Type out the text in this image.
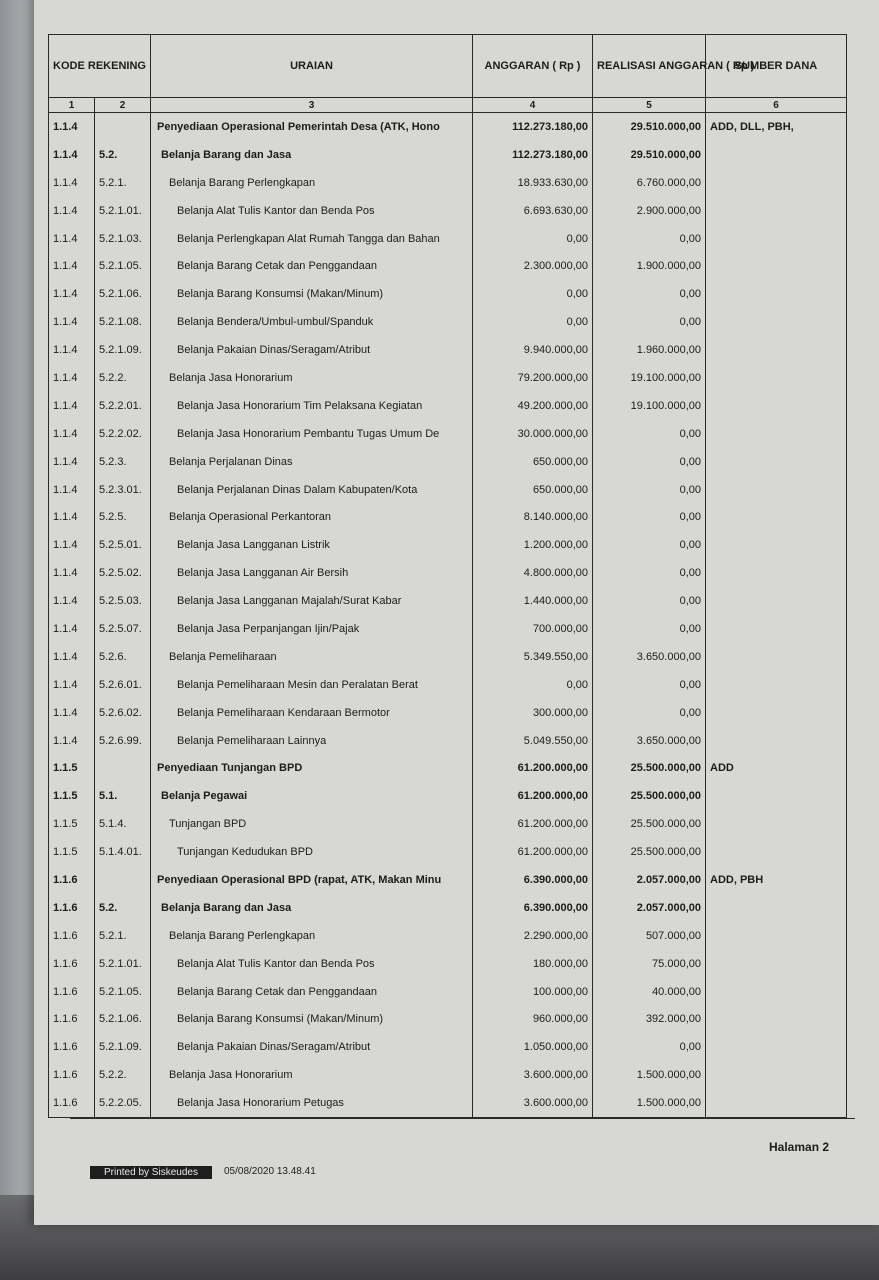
KODE REKENING		URAIAN	ANGGARAN ( Rp )	REALISASI ANGGARAN ( Rp )	SUMBER DANA
1	2	3	4	5	6
1.1.4		Penyediaan Operasional Pemerintah Desa (ATK, Hono	112.273.180,00	29.510.000,00	ADD, DLL, PBH,
1.1.4	5.2.	Belanja Barang dan Jasa	112.273.180,00	29.510.000,00	
1.1.4	5.2.1.	Belanja Barang Perlengkapan	18.933.630,00	6.760.000,00	
1.1.4	5.2.1.01.	Belanja Alat Tulis Kantor dan Benda Pos	6.693.630,00	2.900.000,00	
1.1.4	5.2.1.03.	Belanja Perlengkapan Alat Rumah Tangga dan Bahan	0,00	0,00	
1.1.4	5.2.1.05.	Belanja Barang Cetak dan Penggandaan	2.300.000,00	1.900.000,00	
1.1.4	5.2.1.06.	Belanja Barang Konsumsi (Makan/Minum)	0,00	0,00	
1.1.4	5.2.1.08.	Belanja Bendera/Umbul-umbul/Spanduk	0,00	0,00	
1.1.4	5.2.1.09.	Belanja Pakaian Dinas/Seragam/Atribut	9.940.000,00	1.960.000,00	
1.1.4	5.2.2.	Belanja Jasa Honorarium	79.200.000,00	19.100.000,00	
1.1.4	5.2.2.01.	Belanja Jasa Honorarium Tim Pelaksana Kegiatan	49.200.000,00	19.100.000,00	
1.1.4	5.2.2.02.	Belanja Jasa Honorarium Pembantu Tugas Umum De	30.000.000,00	0,00	
1.1.4	5.2.3.	Belanja Perjalanan Dinas	650.000,00	0,00	
1.1.4	5.2.3.01.	Belanja Perjalanan Dinas Dalam Kabupaten/Kota	650.000,00	0,00	
1.1.4	5.2.5.	Belanja Operasional Perkantoran	8.140.000,00	0,00	
1.1.4	5.2.5.01.	Belanja Jasa Langganan Listrik	1.200.000,00	0,00	
1.1.4	5.2.5.02.	Belanja Jasa Langganan Air Bersih	4.800.000,00	0,00	
1.1.4	5.2.5.03.	Belanja Jasa Langganan Majalah/Surat Kabar	1.440.000,00	0,00	
1.1.4	5.2.5.07.	Belanja Jasa Perpanjangan Ijin/Pajak	700.000,00	0,00	
1.1.4	5.2.6.	Belanja Pemeliharaan	5.349.550,00	3.650.000,00	
1.1.4	5.2.6.01.	Belanja Pemeliharaan Mesin dan Peralatan Berat	0,00	0,00	
1.1.4	5.2.6.02.	Belanja Pemeliharaan Kendaraan Bermotor	300.000,00	0,00	
1.1.4	5.2.6.99.	Belanja Pemeliharaan Lainnya	5.049.550,00	3.650.000,00	
1.1.5		Penyediaan Tunjangan BPD	61.200.000,00	25.500.000,00	ADD
1.1.5	5.1.	Belanja Pegawai	61.200.000,00	25.500.000,00	
1.1.5	5.1.4.	Tunjangan BPD	61.200.000,00	25.500.000,00	
1.1.5	5.1.4.01.	Tunjangan Kedudukan BPD	61.200.000,00	25.500.000,00	
1.1.6		Penyediaan Operasional BPD (rapat, ATK, Makan Minu	6.390.000,00	2.057.000,00	ADD, PBH
1.1.6	5.2.	Belanja Barang dan Jasa	6.390.000,00	2.057.000,00	
1.1.6	5.2.1.	Belanja Barang Perlengkapan	2.290.000,00	507.000,00	
1.1.6	5.2.1.01.	Belanja Alat Tulis Kantor dan Benda Pos	180.000,00	75.000,00	
1.1.6	5.2.1.05.	Belanja Barang Cetak dan Penggandaan	100.000,00	40.000,00	
1.1.6	5.2.1.06.	Belanja Barang Konsumsi (Makan/Minum)	960.000,00	392.000,00	
1.1.6	5.2.1.09.	Belanja Pakaian Dinas/Seragam/Atribut	1.050.000,00	0,00	
1.1.6	5.2.2.	Belanja Jasa Honorarium	3.600.000,00	1.500.000,00	
1.1.6	5.2.2.05.	Belanja Jasa Honorarium Petugas	3.600.000,00	1.500.000,00	
Halaman 2
Printed by Siskeudes	05/08/2020 13.48.41
